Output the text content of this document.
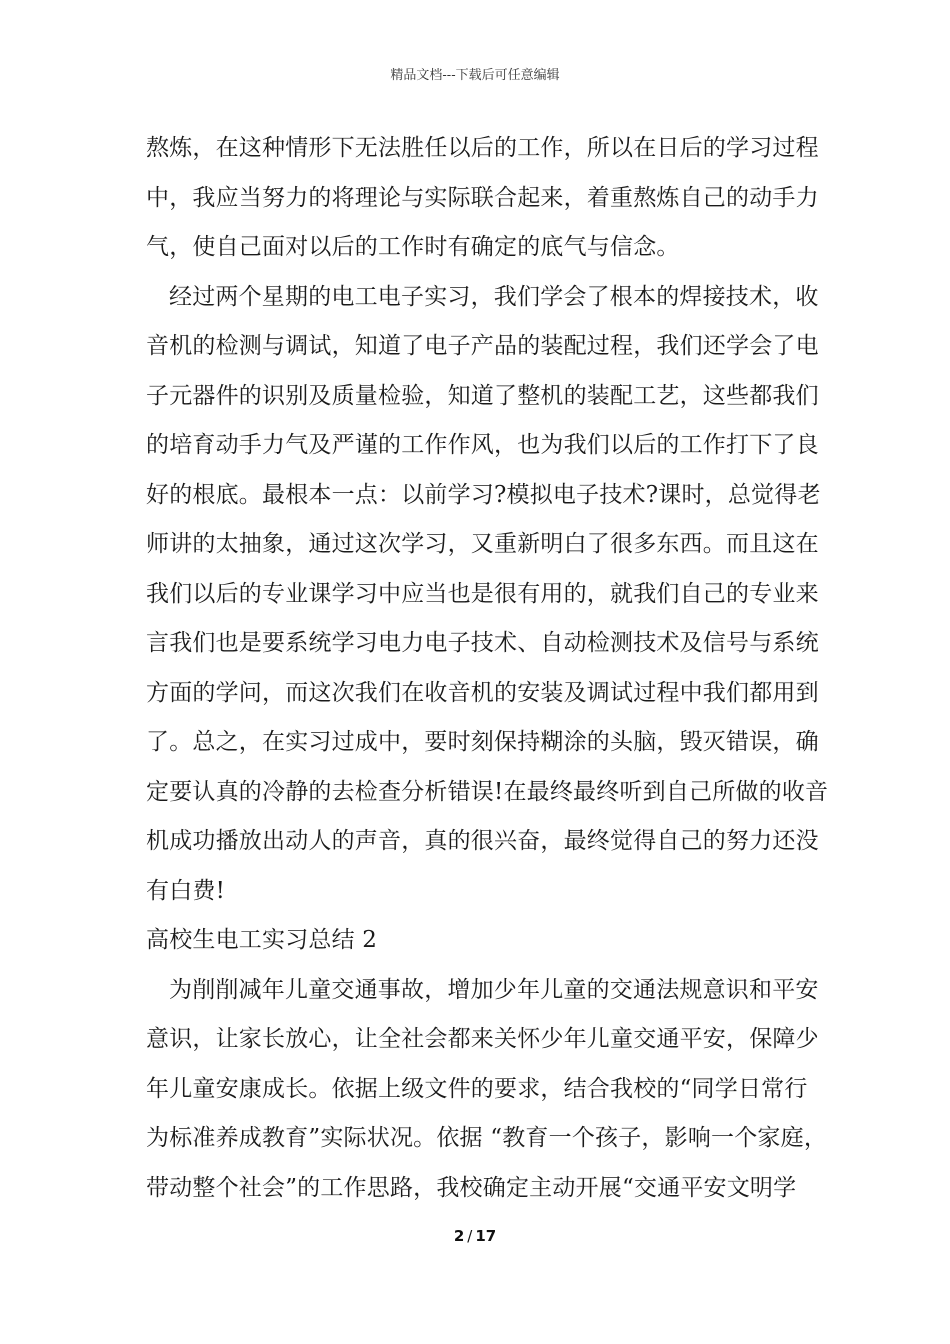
精品文档---下载后可任意编辑
熬炼，在这种情形下无法胜任以后的工作，所以在日后的学习过程
中，我应当努力的将理论与实际联合起来，着重熬炼自己的动手力
气，使自己面对以后的工作时有确定的底气与信念。
经过两个星期的电工电子实习，我们学会了根本的焊接技术，收
音机的检测与调试，知道了电子产品的装配过程，我们还学会了电
子元器件的识别及质量检验，知道了整机的装配工艺，这些都我们
的培育动手力气及严谨的工作作风，也为我们以后的工作打下了良
好的根底。最根本一点：以前学习?模拟电子技术?课时，总觉得老
师讲的太抽象，通过这次学习，又重新明白了很多东西。而且这在
我们以后的专业课学习中应当也是很有用的，就我们自己的专业来
言我们也是要系统学习电力电子技术、自动检测技术及信号与系统
方面的学问，而这次我们在收音机的安装及调试过程中我们都用到
了。总之，在实习过成中，要时刻保持糊涂的头脑，毁灭错误，确
定要认真的冷静的去检查分析错误!在最终最终听到自己所做的收音
机成功播放出动人的声音，真的很兴奋，最终觉得自己的努力还没
有白费!
高校生电工实习总结 2
为削削减年儿童交通事故，增加少年儿童的交通法规意识和平安
意识，让家长放心，让全社会都来关怀少年儿童交通平安，保障少
年儿童安康成长。依据上级文件的要求，结合我校的“同学日常行
为标准养成教育”实际状况。依据 “教育一个孩子，影响一个家庭，
带动整个社会”的工作思路，我校确定主动开展“交通平安文明学
2 / 17
